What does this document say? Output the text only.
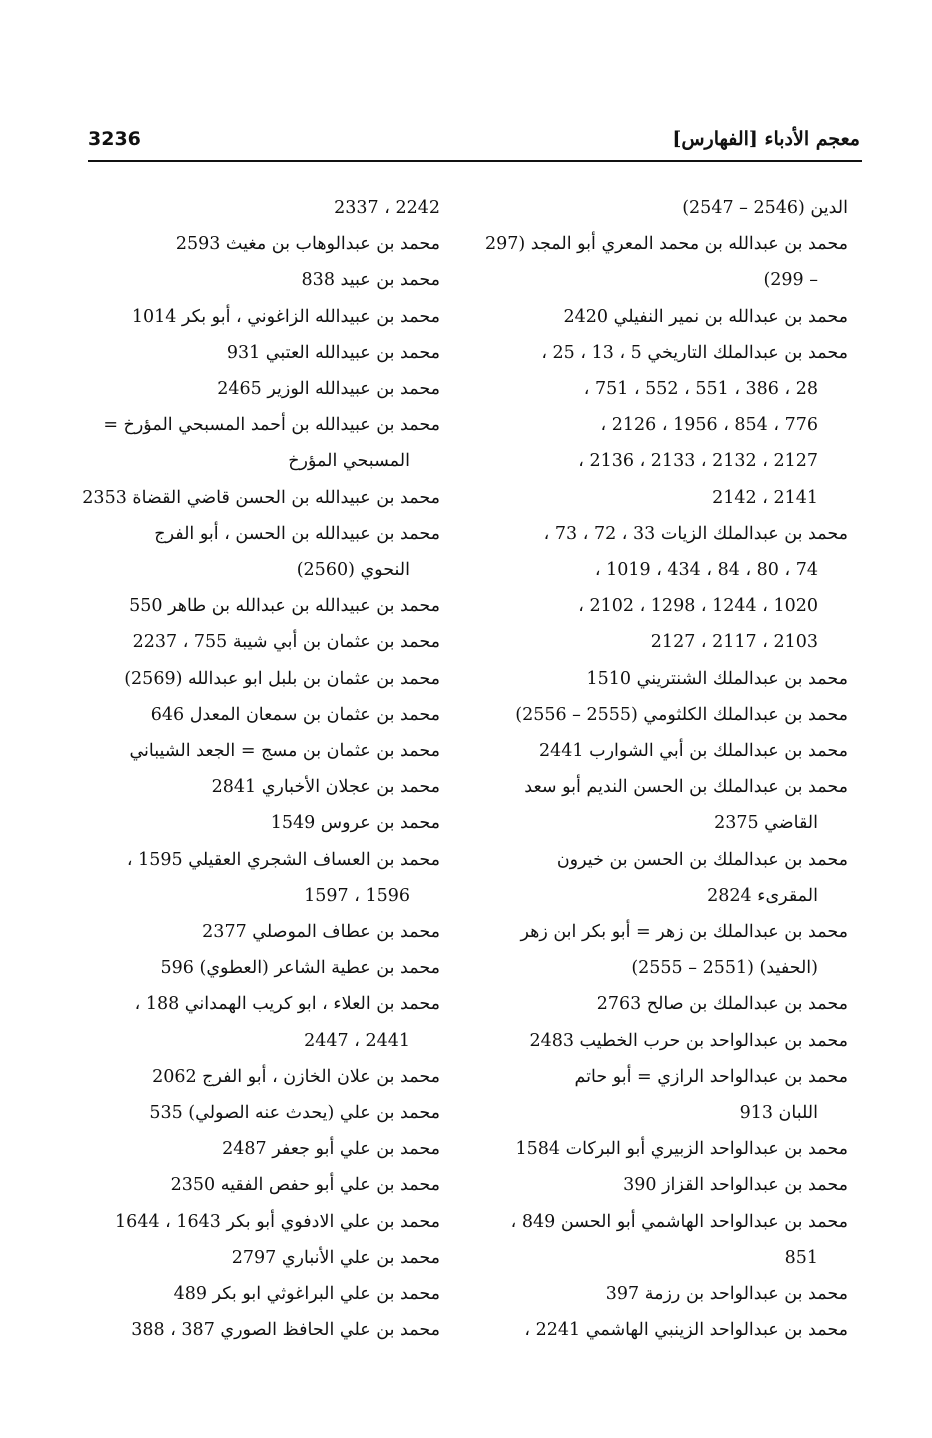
معجم الأدباء [الفهارس]
3236
الدين (2546 – 2547)
محمد بن عبدالله بن محمد المعري أبو المجد (297
– 299)
محمد بن عبدالله بن نمير النفيلي 2420
محمد بن عبدالملك التاريخي 5 ، 13 ، 25 ،
28 ، 386 ، 551 ، 552 ، 751 ،
776 ، 854 ، 1956 ، 2126 ،
2127 ، 2132 ، 2133 ، 2136 ،
2141 ، 2142
محمد بن عبدالملك الزيات 33 ، 72 ، 73 ،
74 ، 80 ، 84 ، 434 ، 1019 ،
1020 ، 1244 ، 1298 ، 2102 ،
2103 ، 2117 ، 2127
محمد بن عبدالملك الشنتريني 1510
محمد بن عبدالملك الكلثومي (2555 – 2556)
محمد بن عبدالملك بن أبي الشوارب 2441
محمد بن عبدالملك بن الحسن النديم أبو سعد
القاضي 2375
محمد بن عبدالملك بن الحسن بن خيرون
المقرىء 2824
محمد بن عبدالملك بن زهر = أبو بكر ابن زهر
(الحفيد) (2551 – 2555)
محمد بن عبدالملك بن صالح 2763
محمد بن عبدالواحد بن حرب الخطيب 2483
محمد بن عبدالواحد الرازي = أبو حاتم
اللبان 913
محمد بن عبدالواحد الزبيري أبو البركات 1584
محمد بن عبدالواحد القزاز 390
محمد بن عبدالواحد الهاشمي أبو الحسن 849 ،
851
محمد بن عبدالواحد بن رزمة 397
محمد بن عبدالواحد الزينبي الهاشمي 2241 ،
2242 ، 2337
محمد بن عبدالوهاب بن مغيث 2593
محمد بن عبيد 838
محمد بن عبيدالله الزاغوني ، أبو بكر 1014
محمد بن عبيدالله العتبي 931
محمد بن عبيدالله الوزير 2465
محمد بن عبيدالله بن أحمد المسبحي المؤرخ =
المسبحي المؤرخ
محمد بن عبيدالله بن الحسن قاضي القضاة 2353
محمد بن عبيدالله بن الحسن ، أبو الفرج
النحوي (2560)
محمد بن عبيدالله بن عبدالله بن طاهر 550
محمد بن عثمان بن أبي شيبة 755 ، 2237
محمد بن عثمان بن بلبل ابو عبدالله (2569)
محمد بن عثمان بن سمعان المعدل 646
محمد بن عثمان بن مسج = الجعد الشيباني
محمد بن عجلان الأخباري 2841
محمد بن عروس 1549
محمد بن العساف الشجري العقيلي 1595 ،
1596 ، 1597
محمد بن عطاف الموصلي 2377
محمد بن عطية الشاعر (العطوي) 596
محمد بن العلاء ، ابو كريب الهمداني 188 ،
2441 ، 2447
محمد بن علان الخازن ، أبو الفرج 2062
محمد بن علي (يحدث عنه الصولي) 535
محمد بن علي أبو جعفر 2487
محمد بن علي أبو حفص الفقيه 2350
محمد بن علي الادفوي أبو بكر 1643 ، 1644
محمد بن علي الأنباري 2797
محمد بن علي البراغوثي ابو بكر 489
محمد بن علي الحافظ الصوري 387 ، 388
